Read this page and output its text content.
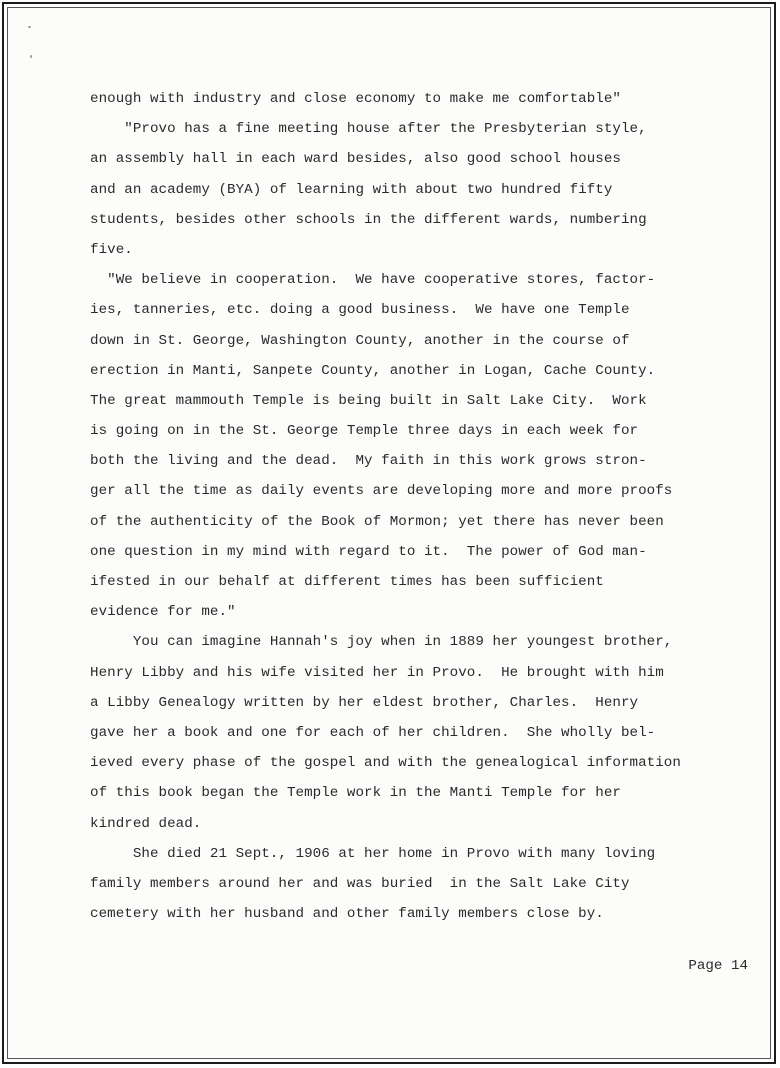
enough with industry and close economy to make me comfortable"
"Provo has a fine meeting house after the Presbyterian style,
an assembly hall in each ward besides, also good school houses
and an academy (BYA) of learning with about two hundred fifty
students, besides other schools in the different wards, numbering
five.
"We believe in cooperation.  We have cooperative stores, factor-
ies, tanneries, etc. doing a good business.  We have one Temple
down in St. George, Washington County, another in the course of
erection in Manti, Sanpete County, another in Logan, Cache County.
The great mammouth Temple is being built in Salt Lake City.  Work
is going on in the St. George Temple three days in each week for
both the living and the dead.  My faith in this work grows stron-
ger all the time as daily events are developing more and more proofs
of the authenticity of the Book of Mormon; yet there has never been
one question in my mind with regard to it.  The power of God man-
ifested in our behalf at different times has been sufficient
evidence for me."
You can imagine Hannah's joy when in 1889 her youngest brother,
Henry Libby and his wife visited her in Provo.  He brought with him
a Libby Genealogy written by her eldest brother, Charles.  Henry
gave her a book and one for each of her children.  She wholly bel-
ieved every phase of the gospel and with the genealogical information
of this book began the Temple work in the Manti Temple for her
kindred dead.
She died 21 Sept., 1906 at her home in Provo with many loving
family members around her and was buried  in the Salt Lake City
cemetery with her husband and other family members close by.
Page 14
